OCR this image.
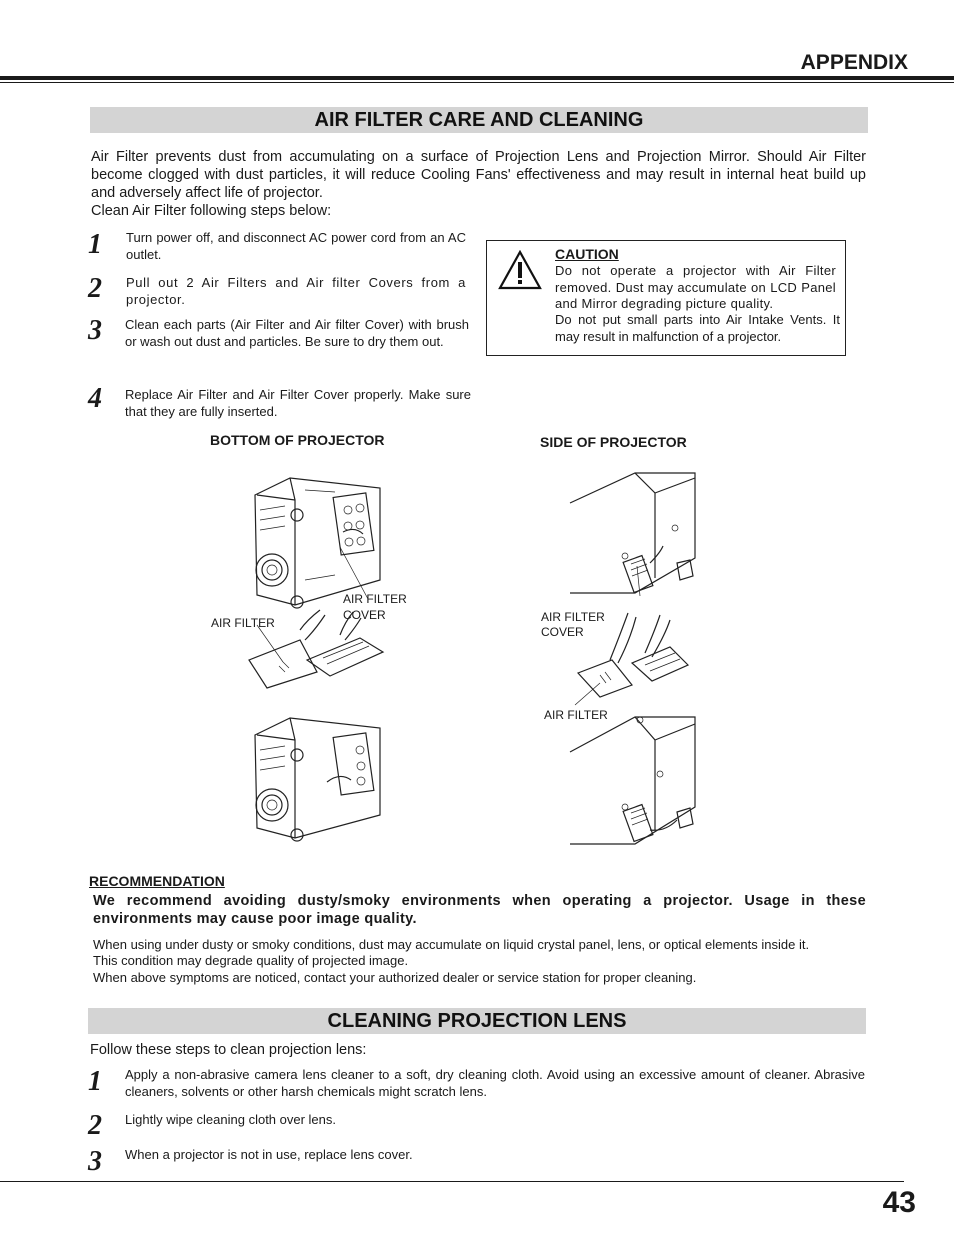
APPENDIX
AIR FILTER CARE AND CLEANING
Air Filter prevents dust from accumulating on a surface of Projection Lens and Projection Mirror. Should Air Filter become clogged with dust particles, it will reduce Cooling Fans' effectiveness and may result in internal heat build up and adversely affect life of projector.
Clean Air Filter following steps below:
1 Turn power off, and disconnect AC power cord from an AC outlet.
2 Pull out 2 Air Filters and Air filter Covers from a projector.
3 Clean each parts (Air Filter and Air filter Cover) with brush or wash out dust and particles. Be sure to dry them out.
4 Replace Air Filter and Air Filter Cover properly. Make sure that they are fully inserted.
CAUTION
Do not operate a projector with Air Filter removed. Dust may accumulate on LCD Panel and Mirror degrading picture quality.
Do not put small parts into Air Intake Vents. It may result in malfunction of a projector.
BOTTOM OF PROJECTOR	SIDE OF PROJECTOR
AIR FILTER
COVER
AIR FILTER	AIR FILTER
COVER
AIR FILTER
RECOMMENDATION
We recommend avoiding dusty/smoky environments when operating a projector. Usage in these environments may cause poor image quality.
When using under dusty or smoky conditions, dust may accumulate on liquid crystal panel, lens, or optical elements inside it.
This condition may degrade quality of projected image.
When above symptoms are noticed, contact your authorized dealer or service station for proper cleaning.
CLEANING PROJECTION LENS
Follow these steps to clean projection lens:
1 Apply a non-abrasive camera lens cleaner to a soft, dry cleaning cloth. Avoid using an excessive amount of cleaner. Abrasive cleaners, solvents or other harsh chemicals might scratch lens.
2 Lightly wipe cleaning cloth over lens.
3 When a projector is not in use, replace lens cover.
43
